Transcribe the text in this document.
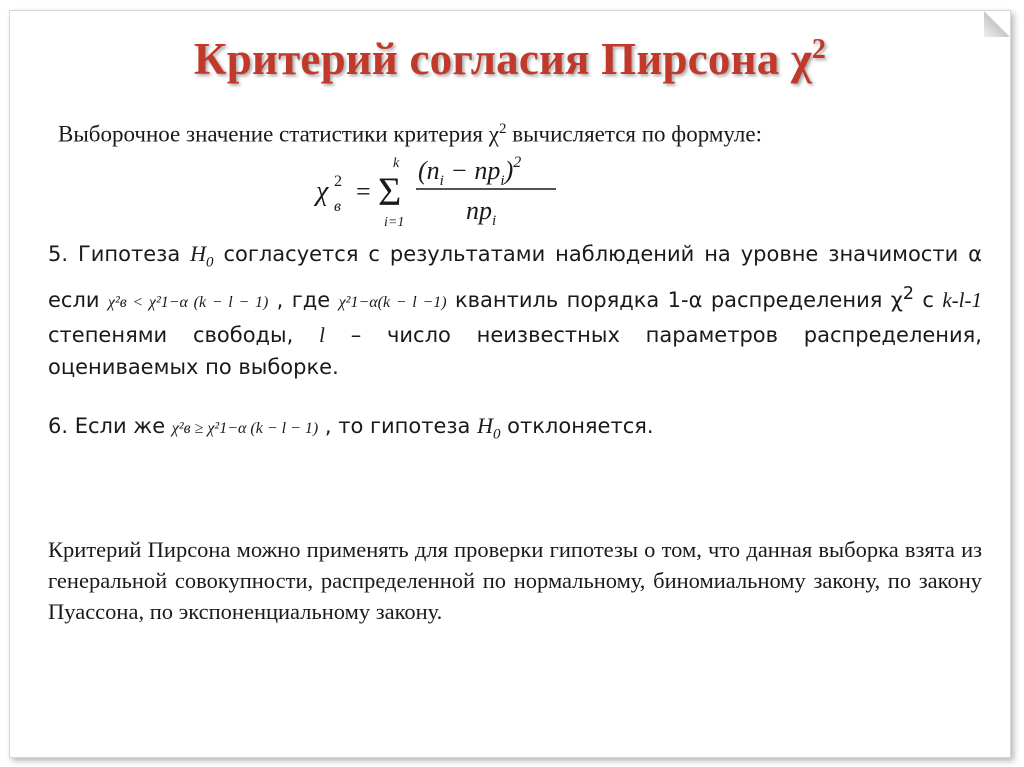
Критерий согласия Пирсона $\chi^2$
Выборочное значение статистики критерия $\chi^2$ вычисляется по формуле:
χ 2
в
= Σ
k
i=1
$(n_i - np_i)^2$
$np_i$
5. Гипотеза $H_0$ согласуется с результатами наблюдений на уровне значимости α если χ²в < χ²1−α (k − l − 1) , где χ²1−α(k − l −1) квантиль порядка 1-α распределения $\chi^2$ с k-l-1 степенями свободы, l – число неизвестных параметров распределения, оцениваемых по выборке.
6. Если же χ²в ≥ χ²1−α (k − l − 1) , то гипотеза $H_0$ отклоняется.
Критерий Пирсона можно применять для проверки гипотезы о том, что данная выборка взята из генеральной совокупности, распределенной по нормальному, биномиальному закону, по закону Пуассона, по экспоненциальному закону.
